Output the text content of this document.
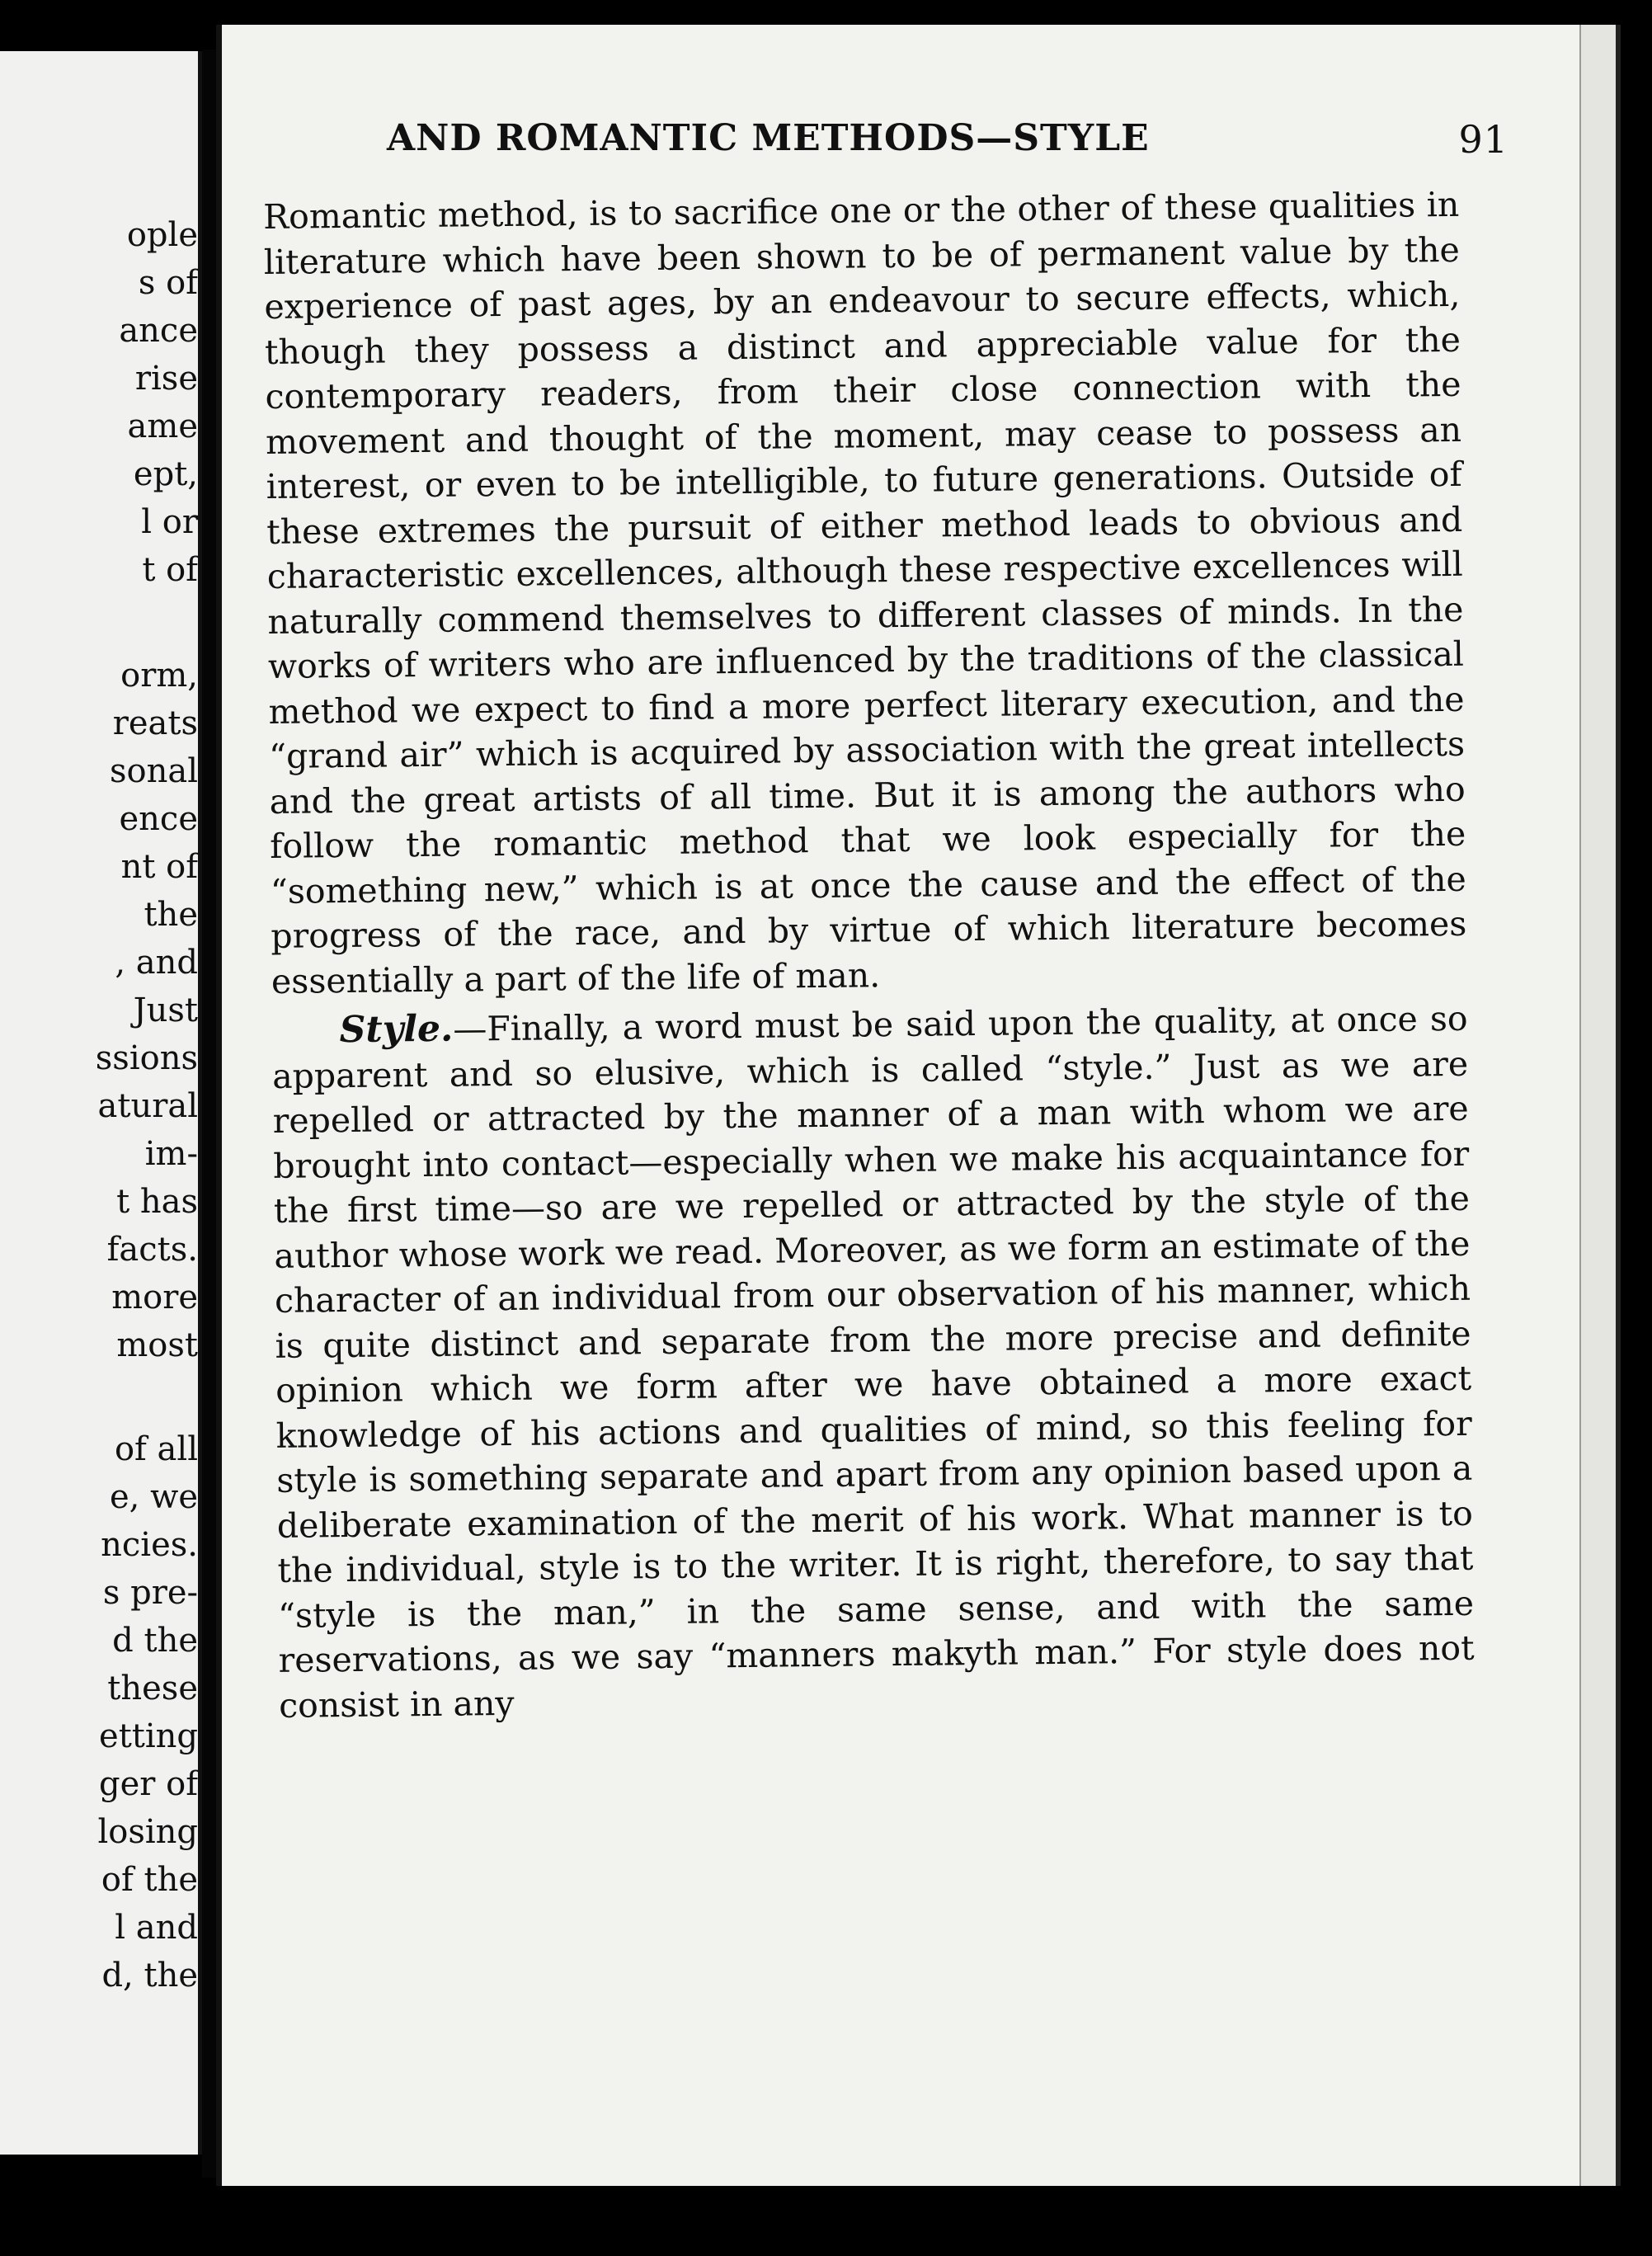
ople
s of
ance
rise
ame
ept,
l or
t of
orm,
reats
sonal
ence
nt of
the
, and
Just
ssions
atural
im-
t has
facts.
more
most
of all
e, we
ncies.
s pre-
d the
these
etting
ger of
losing
of the
l and
d, the
AND ROMANTIC METHODS—STYLE	91

Romantic method, is to sacrifice one or the other of these qualities in literature which have been shown to be of permanent value by the experience of past ages, by an endeavour to secure effects, which, though they possess a distinct and appreciable value for the contemporary readers, from their close connection with the movement and thought of the moment, may cease to possess an interest, or even to be intelligible, to future generations. Outside of these extremes the pursuit of either method leads to obvious and characteristic excellences, although these respective excellences will naturally commend themselves to different classes of minds. In the works of writers who are influenced by the traditions of the classical method we expect to find a more perfect literary execution, and the “grand air” which is acquired by association with the great intellects and the great artists of all time. But it is among the authors who follow the romantic method that we look especially for the “something new,” which is at once the cause and the effect of the progress of the race, and by virtue of which literature becomes essentially a part of the life of man.

Style.—Finally, a word must be said upon the quality, at once so apparent and so elusive, which is called “style.” Just as we are repelled or attracted by the manner of a man with whom we are brought into contact—especially when we make his acquaintance for the first time—so are we repelled or attracted by the style of the author whose work we read. Moreover, as we form an estimate of the character of an individual from our observation of his manner, which is quite distinct and separate from the more precise and definite opinion which we form after we have obtained a more exact knowledge of his actions and qualities of mind, so this feeling for style is something separate and apart from any opinion based upon a deliberate examination of the merit of his work. What manner is to the individual, style is to the writer. It is right, therefore, to say that “style is the man,” in the same sense, and with the same reservations, as we say “manners makyth man.” For style does not consist in any
